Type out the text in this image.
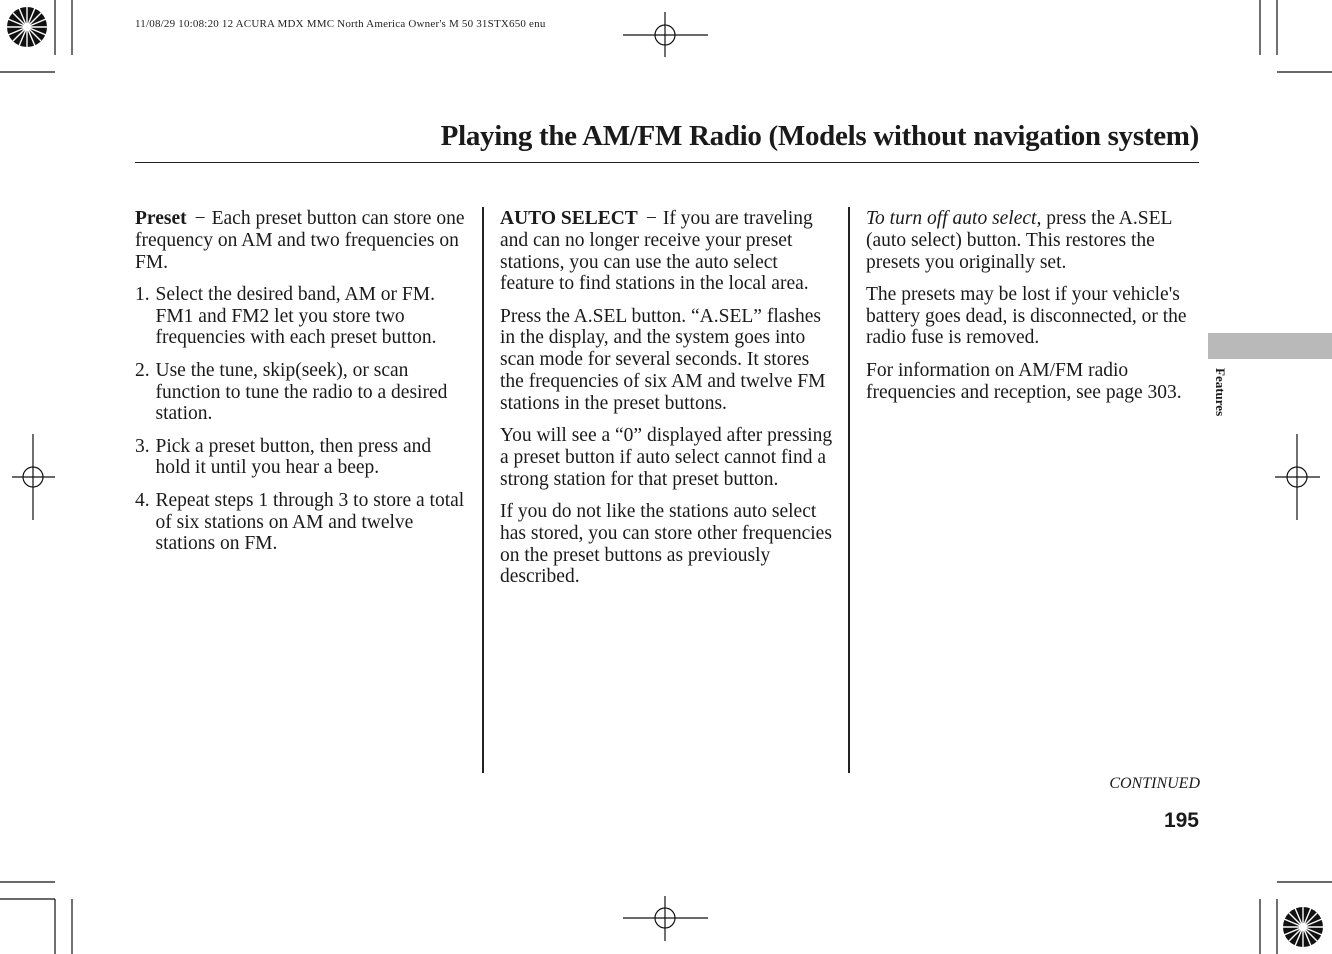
11/08/29 10:08:20 12 ACURA MDX MMC North America Owner's M 50 31STX650 enu
Playing the AM/FM Radio (Models without navigation system)

Preset − Each preset button can store one frequency on AM and two frequencies on FM.

1. Select the desired band, AM or FM. FM1 and FM2 let you store two frequencies with each preset button.
2. Use the tune, skip(seek), or scan function to tune the radio to a desired station.
3. Pick a preset button, then press and hold it until you hear a beep.
4. Repeat steps 1 through 3 to store a total of six stations on AM and twelve stations on FM.

AUTO SELECT − If you are traveling and can no longer receive your preset stations, you can use the auto select feature to find stations in the local area.

Press the A.SEL button. “A.SEL” flashes in the display, and the system goes into scan mode for several seconds. It stores the frequencies of six AM and twelve FM stations in the preset buttons.

You will see a “0” displayed after pressing a preset button if auto select cannot find a strong station for that preset button.

If you do not like the stations auto select has stored, you can store other frequencies on the preset buttons as previously described.

To turn off auto select, press the A.SEL (auto select) button. This restores the presets you originally set.

The presets may be lost if your vehicle's battery goes dead, is disconnected, or the radio fuse is removed.

For information on AM/FM radio frequencies and reception, see page 303.	Features
CONTINUED
195
